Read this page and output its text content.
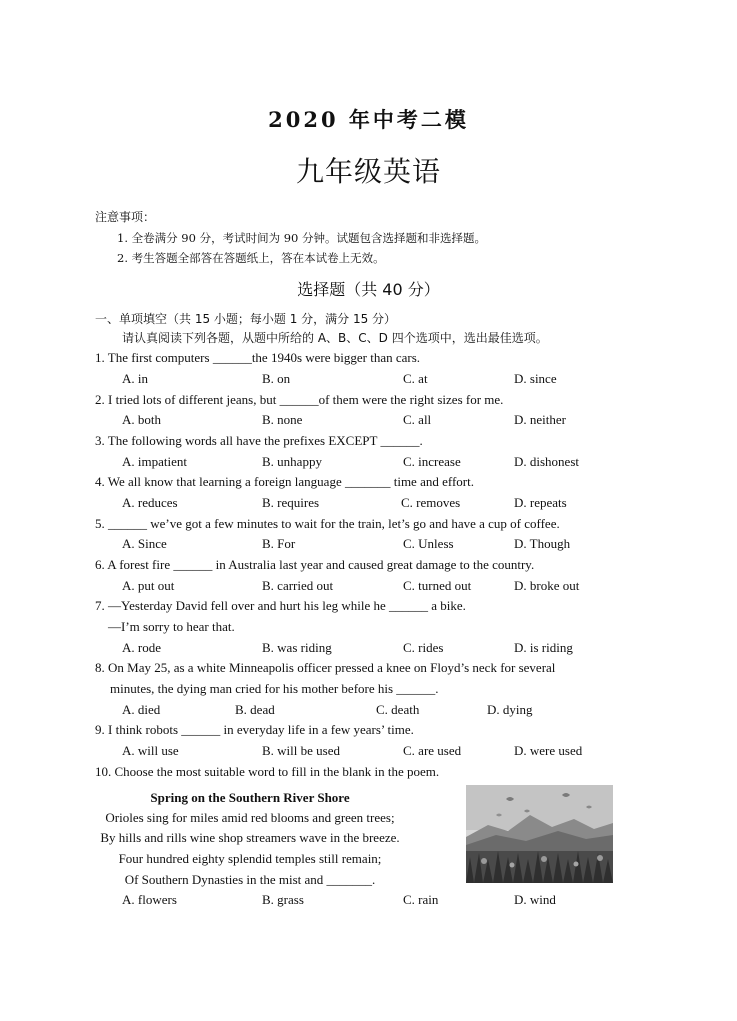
2020 年中考二模
九年级英语
注意事项：
1. 全卷满分 90 分，考试时间为 90 分钟。试题包含选择题和非选择题。
2. 考生答题全部答在答题纸上，答在本试卷上无效。
选择题（共 40 分）
一、单项填空（共 15 小题；每小题 1 分，满分 15 分）
请认真阅读下列各题，从题中所给的 A、B、C、D 四个选项中，选出最佳选项。
1. The first computers ______the 1940s were bigger than cars.
A. in	B. on	C. at	D. since
2. I tried lots of different jeans, but ______of them were the right sizes for me.
A. both	B. none	C. all	D. neither
3. The following words all have the prefixes EXCEPT ______.
A. impatient	B. unhappy	C. increase	D. dishonest
4. We all know that learning a foreign language _______ time and effort.
A. reduces	B. requires	C. removes	D. repeats
5. ______ we’ve got a few minutes to wait for the train, let’s go and have a cup of coffee.
A. Since	B. For	C. Unless	D. Though
6. A forest fire ______ in Australia last year and caused great damage to the country.
A. put out	B. carried out	C. turned out	D. broke out
7. —Yesterday David fell over and hurt his leg while he ______ a bike.
—I’m sorry to hear that.
A. rode	B. was riding	C. rides	D. is riding
8. On May 25, as a white Minneapolis officer pressed a knee on Floyd’s neck for several
minutes, the dying man cried for his mother before his ______.
A. died	B. dead	C. death	D. dying
9. I think robots ______ in everyday life in a few years’ time.
A. will use	B. will be used	C. are used	D. were used
10. Choose the most suitable word to fill in the blank in the poem.
Spring on the Southern River Shore
Orioles sing for miles amid red blooms and green trees;
By hills and rills wine shop streamers wave in the breeze.
Four hundred eighty splendid temples still remain;
Of Southern Dynasties in the mist and _______.
A. flowers	B. grass	C. rain	D. wind
